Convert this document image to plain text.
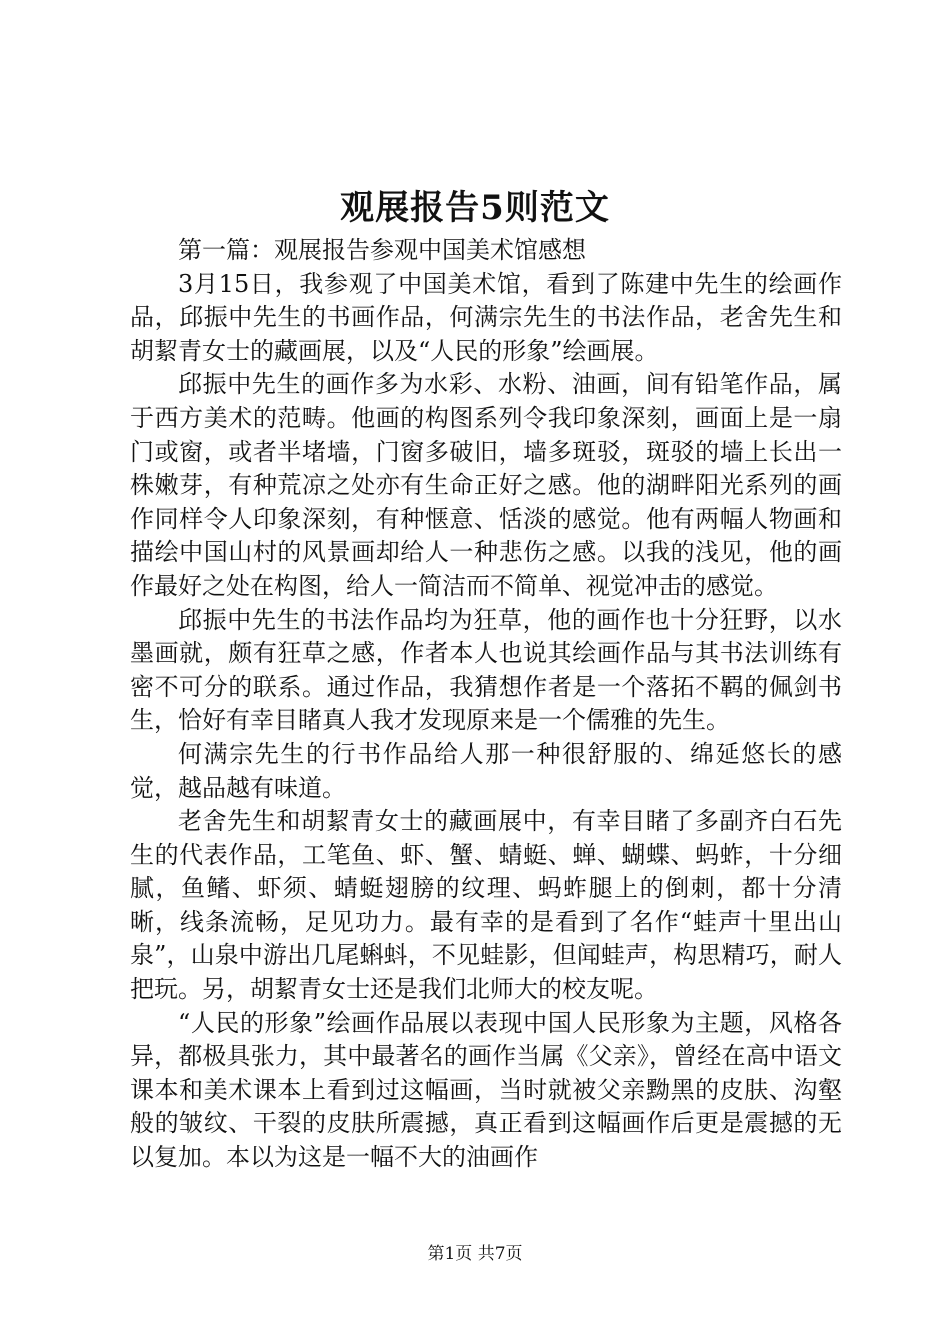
观展报告5则范文

第一篇：观展报告参观中国美术馆感想

3月15日，我参观了中国美术馆，看到了陈建中先生的绘画作品，邱振中先生的书画作品，何满宗先生的书法作品，老舍先生和胡絜青女士的藏画展，以及“人民的形象”绘画展。

邱振中先生的画作多为水彩、水粉、油画，间有铅笔作品，属于西方美术的范畴。他画的构图系列令我印象深刻，画面上是一扇门或窗，或者半堵墙，门窗多破旧，墙多斑驳，斑驳的墙上长出一株嫩芽，有种荒凉之处亦有生命正好之感。他的湖畔阳光系列的画作同样令人印象深刻，有种惬意、恬淡的感觉。他有两幅人物画和描绘中国山村的风景画却给人一种悲伤之感。以我的浅见，他的画作最好之处在构图，给人一简洁而不简单、视觉冲击的感觉。

邱振中先生的书法作品均为狂草，他的画作也十分狂野，以水墨画就，颇有狂草之感，作者本人也说其绘画作品与其书法训练有密不可分的联系。通过作品，我猜想作者是一个落拓不羁的佩剑书生，恰好有幸目睹真人我才发现原来是一个儒雅的先生。

何满宗先生的行书作品给人那一种很舒服的、绵延悠长的感觉，越品越有味道。

老舍先生和胡絜青女士的藏画展中，有幸目睹了多副齐白石先生的代表作品，工笔鱼、虾、蟹、蜻蜓、蝉、蝴蝶、蚂蚱，十分细腻，鱼鳍、虾须、蜻蜓翅膀的纹理、蚂蚱腿上的倒刺，都十分清晰，线条流畅，足见功力。最有幸的是看到了名作“蛙声十里出山泉”，山泉中游出几尾蝌蚪，不见蛙影，但闻蛙声，构思精巧，耐人把玩。另，胡絜青女士还是我们北师大的校友呢。

“人民的形象”绘画作品展以表现中国人民形象为主题，风格各异，都极具张力，其中最著名的画作当属《父亲》，曾经在高中语文课本和美术课本上看到过这幅画，当时就被父亲黝黑的皮肤、沟壑般的皱纹、干裂的皮肤所震撼，真正看到这幅画作后更是震撼的无以复加。本以为这是一幅不大的油画作

第1页 共7页
